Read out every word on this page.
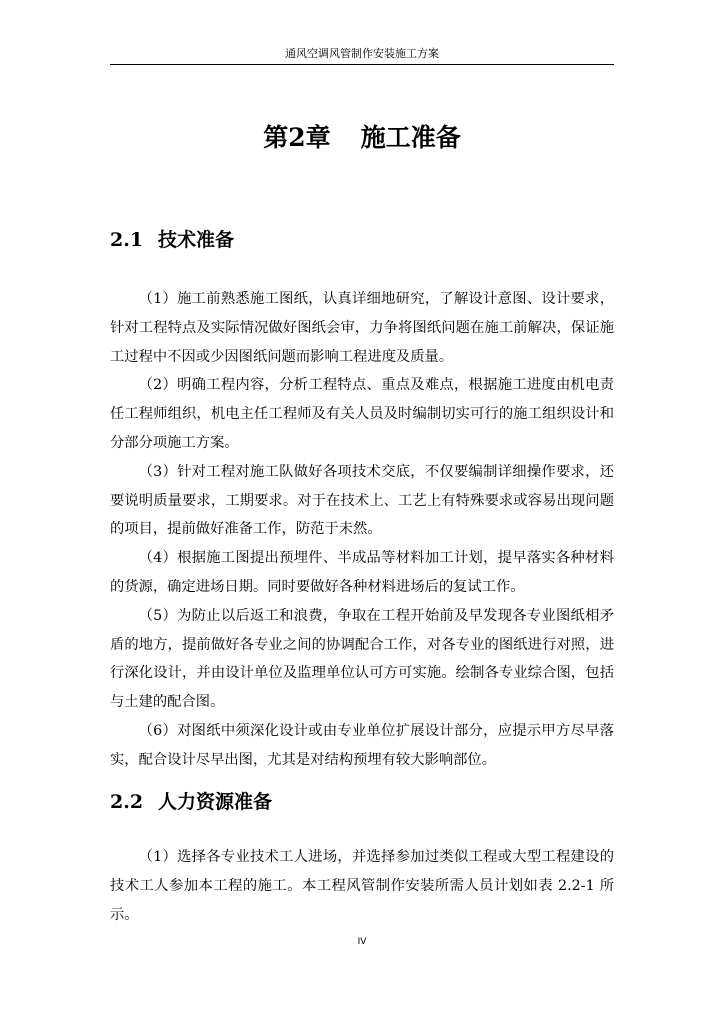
通风空调风管制作安装施工方案
第2章 施工准备
2.1 技术准备

（1）施工前熟悉施工图纸，认真详细地研究，了解设计意图、设计要求，针对工程特点及实际情况做好图纸会审，力争将图纸问题在施工前解决，保证施工过程中不因或少因图纸问题而影响工程进度及质量。

（2）明确工程内容，分析工程特点、重点及难点，根据施工进度由机电责任工程师组织，机电主任工程师及有关人员及时编制切实可行的施工组织设计和分部分项施工方案。

（3）针对工程对施工队做好各项技术交底，不仅要编制详细操作要求，还要说明质量要求，工期要求。对于在技术上、工艺上有特殊要求或容易出现问题的项目，提前做好准备工作，防范于未然。

（4）根据施工图提出预埋件、半成品等材料加工计划，提早落实各种材料的货源，确定进场日期。同时要做好各种材料进场后的复试工作。

（5）为防止以后返工和浪费，争取在工程开始前及早发现各专业图纸相矛盾的地方，提前做好各专业之间的协调配合工作，对各专业的图纸进行对照，进行深化设计，并由设计单位及监理单位认可方可实施。绘制各专业综合图，包括与土建的配合图。

（6）对图纸中须深化设计或由专业单位扩展设计部分，应提示甲方尽早落实，配合设计尽早出图，尤其是对结构预埋有较大影响部位。

2.2 人力资源准备

（1）选择各专业技术工人进场，并选择参加过类似工程或大型工程建设的技术工人参加本工程的施工。本工程风管制作安装所需人员计划如表 2.2-1 所示。

IV
